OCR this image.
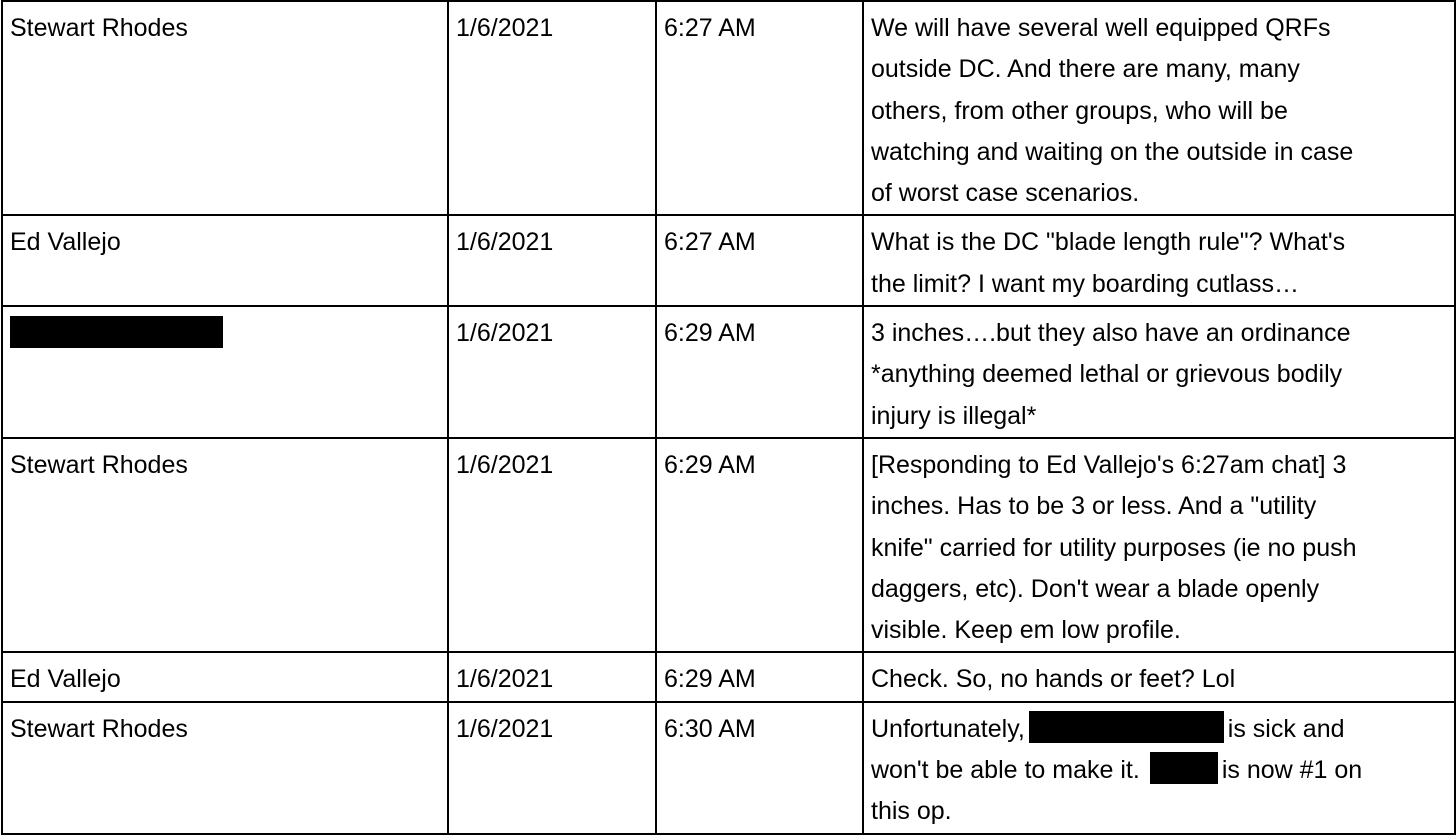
Stewart Rhodes	1/6/2021	6:27 AM	We will have several well equipped QRFs
outside DC. And there are many, many
others, from other groups, who will be
watching and waiting on the outside in case
of worst case scenarios.

Ed Vallejo	1/6/2021	6:27 AM	What is the DC "blade length rule"? What's
the limit? I want my boarding cutlass…

	1/6/2021	6:29 AM	3 inches….but they also have an ordinance
*anything deemed lethal or grievous bodily
injury is illegal*

Stewart Rhodes	1/6/2021	6:29 AM	[Responding to Ed Vallejo's 6:27am chat] 3
inches. Has to be 3 or less. And a "utility
knife" carried for utility purposes (ie no push
daggers, etc). Don't wear a blade openly
visible. Keep em low profile.

Ed Vallejo	1/6/2021	6:29 AM	Check. So, no hands or feet? Lol

Stewart Rhodes	1/6/2021	6:30 AM	Unfortunately, is sick and
won't be able to make it. is now #1 on
this op.
